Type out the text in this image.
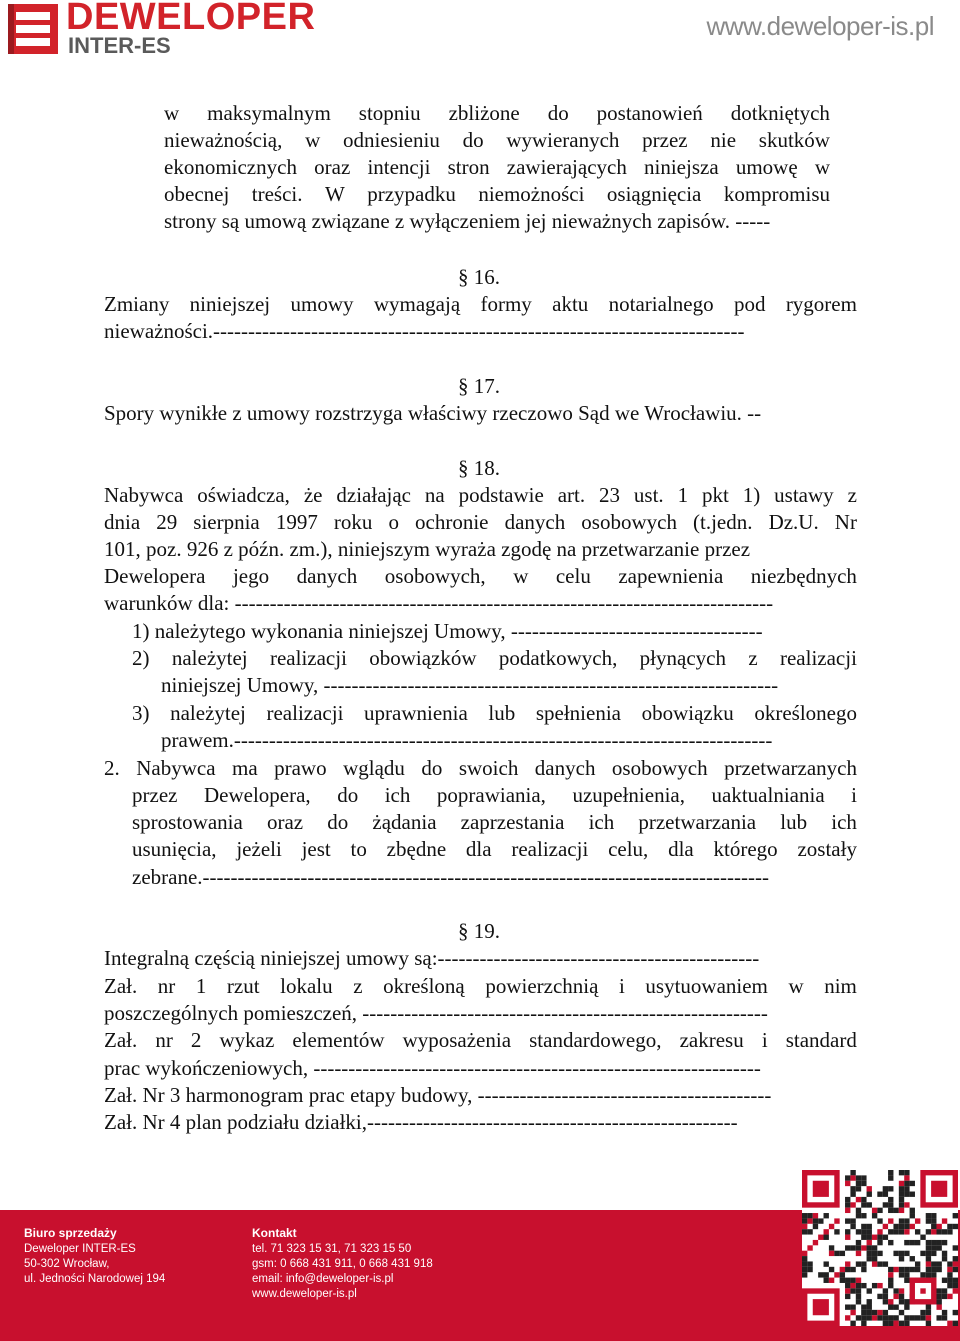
DEWELOPER
INTER-ES
www.deweloper-is.pl
w maksymalnym stopniu zbliżone do postanowień dotkniętych
nieważnością, w odniesieniu do wywieranych przez nie skutków
ekonomicznych oraz intencji stron zawierających niniejsza umowę w
obecnej treści. W przypadku niemożności osiągnięcia kompromisu
strony są umową związane z wyłączeniem jej nieważnych zapisów. -----
§ 16.
Zmiany niniejszej umowy wymagają formy aktu notarialnego pod rygorem
nieważności.----------------------------------------------------------------------------
§ 17.
Spory wynikłe z umowy rozstrzyga właściwy rzeczowo Sąd we Wrocławiu. --
§ 18.
Nabywca oświadcza, że działając na podstawie art. 23 ust. 1 pkt 1) ustawy z
dnia 29 sierpnia 1997 roku o ochronie danych osobowych (t.jedn. Dz.U. Nr
101, poz. 926 z późn. zm.), niniejszym wyraża zgodę na przetwarzanie przez
Dewelopera jego danych osobowych, w celu zapewnienia niezbędnych
warunków dla: -----------------------------------------------------------------------------
1) należytego wykonania niniejszej Umowy, ------------------------------------
2) należytej realizacji obowiązków podatkowych, płynących z realizacji
niniejszej Umowy, -----------------------------------------------------------------
3) należytej realizacji uprawnienia lub spełnienia obowiązku określonego
prawem.-----------------------------------------------------------------------------
2. Nabywca ma prawo wglądu do swoich danych osobowych przetwarzanych
przez Dewelopera, do ich poprawiania, uzupełnienia, uaktualniania i
sprostowania oraz do żądania zaprzestania ich przetwarzania lub ich
usunięcia, jeżeli jest to zbędne dla realizacji celu, dla którego zostały
zebrane.---------------------------------------------------------------------------------
§ 19.
Integralną częścią niniejszej umowy są:----------------------------------------------
Zał. nr 1 rzut lokalu z określoną powierzchnią i usytuowaniem w nim
poszczególnych pomieszczeń, ----------------------------------------------------------
Zał. nr 2 wykaz elementów wyposażenia standardowego, zakresu i standard
prac wykończeniowych, ----------------------------------------------------------------
Zał. Nr 3 harmonogram prac etapy budowy, ------------------------------------------
Zał. Nr 4 plan podziału działki,-----------------------------------------------------
Biuro sprzedaży
Deweloper INTER-ES
50-302 Wrocław,
ul. Jedności Narodowej 194
Kontakt
tel. 71 323 15 31, 71 323 15 50
gsm: 0 668 431 911, 0 668 431 918
email: info@deweloper-is.pl
www.deweloper-is.pl
